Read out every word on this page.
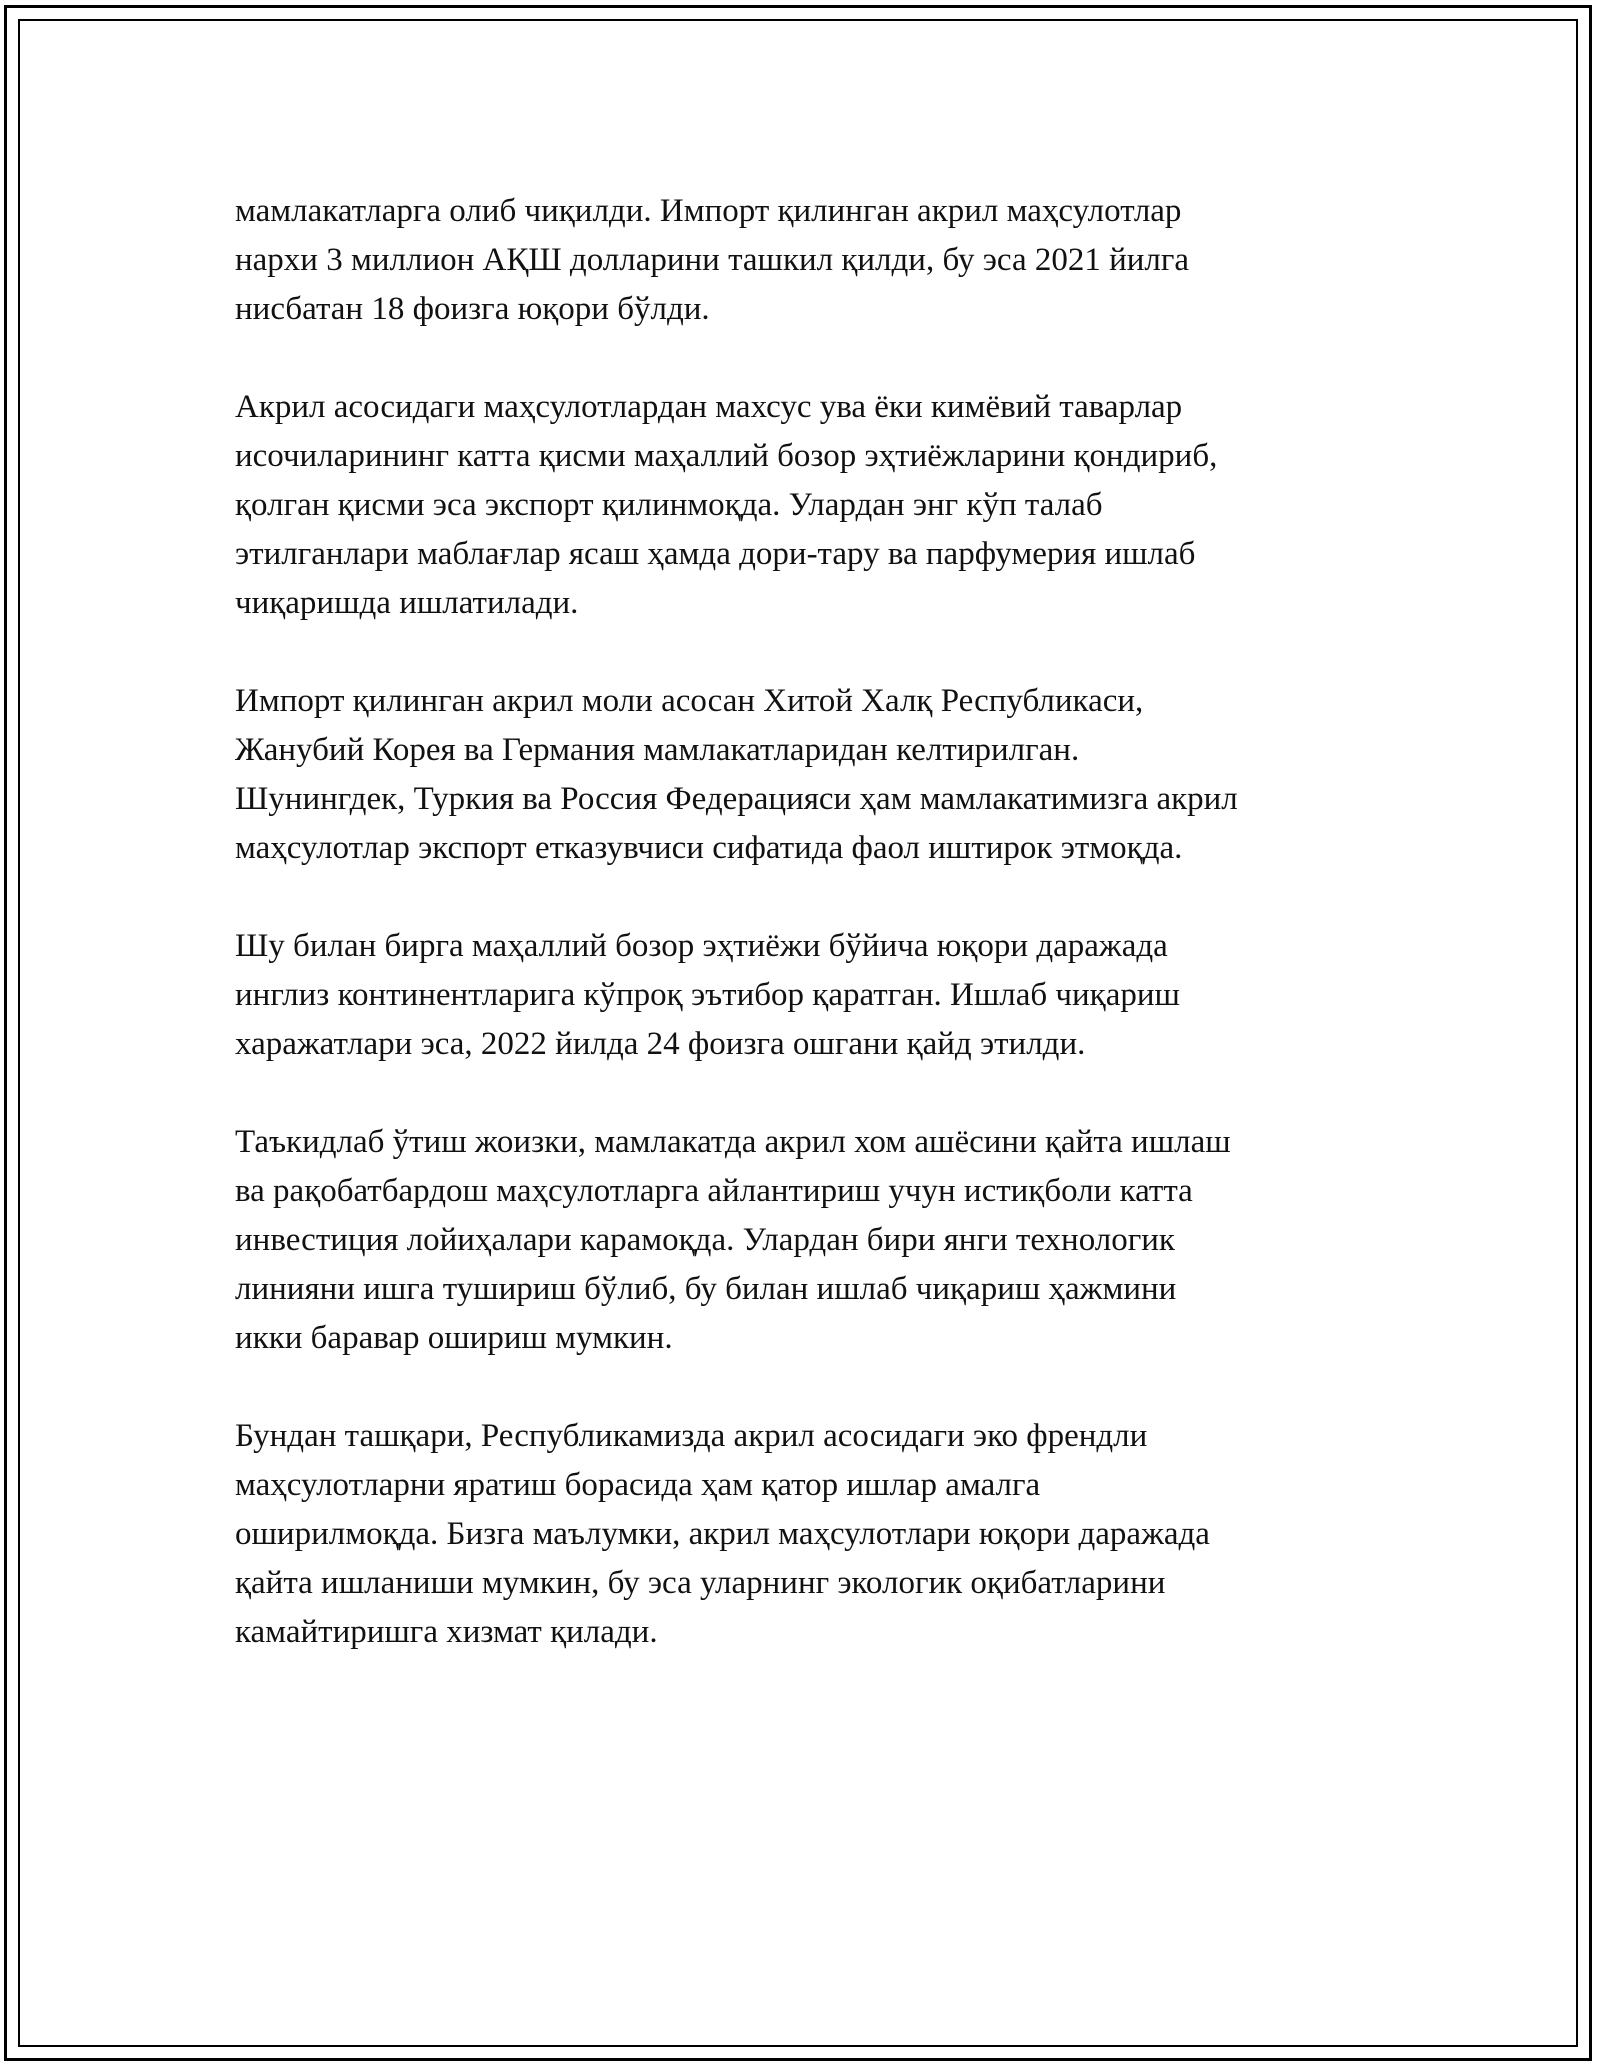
мамлакатларга олиб чиқилди. Импорт қилинган акрил маҳсулотлар
нархи 3 миллион АҚШ долларини ташкил қилди, бу эса 2021 йилга
нисбатан 18 фоизга юқори бўлди.

Акрил асосидаги маҳсулотлардан махсус ува ёки кимёвий таварлар
исочиларининг катта қисми маҳаллий бозор эҳтиёжларини қондириб,
қолган қисми эса экспорт қилинмоқда. Улардан энг кўп талаб
этилганлари маблағлар ясаш ҳамда дори-тару ва парфумерия ишлаб
чиқаришда ишлатилади.

Импорт қилинган акрил моли асосан Хитой Халқ Республикаси,
Жанубий Корея ва Германия мамлакатларидан келтирилган.
Шунингдек, Туркия ва Россия Федерацияси ҳам мамлакатимизга акрил
маҳсулотлар экспорт етказувчиси сифатида фаол иштирок этмоқда.

Шу билан бирга маҳаллий бозор эҳтиёжи бўйича юқори даражада
инглиз континентларига кўпроқ эътибор қаратган. Ишлаб чиқариш
харажатлари эса, 2022 йилда 24 фоизга ошгани қайд этилди.

Таъкидлаб ўтиш жоизки, мамлакатда акрил хом ашёсини қайта ишлаш
ва рақобатбардош маҳсулотларга айлантириш учун истиқболи катта
инвестиция лойиҳалари карамоқда. Улардан бири янги технологик
линияни ишга тушириш бўлиб, бу билан ишлаб чиқариш ҳажмини
икки баравар ошириш мумкин.

Бундан ташқари, Республикамизда акрил асосидаги эко френдли
маҳсулотларни яратиш борасида ҳам қатор ишлар амалга
оширилмоқда. Бизга маълумки, акрил маҳсулотлари юқори даражада
қайта ишланиши мумкин, бу эса уларнинг экологик оқибатларини
камайтиришга хизмат қилади.
